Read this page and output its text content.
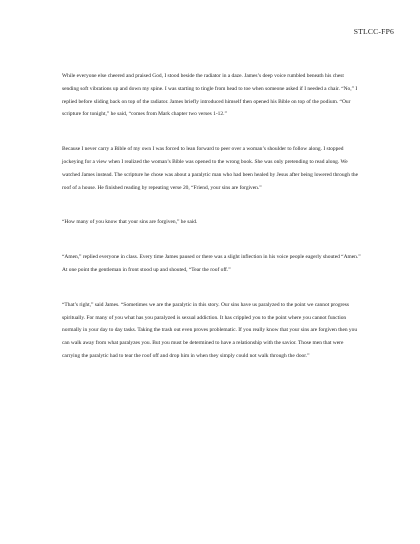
STLCC-FP6

While everyone else cheered and praised God, I stood beside the radiator in a daze. James’s deep voice rumbled beneath his chest sending soft vibrations up and down my spine. I was starting to tingle from head to toe when someone asked if I needed a chair. “No,” I replied before sliding back on top of the radiator. James briefly introduced himself then opened his Bible on top of the podium. “Our scripture for tonight,” he said, “comes from Mark chapter two verses 1-12.”

Because I never carry a Bible of my own I was forced to lean forward to peer over a woman’s shoulder to follow along. I stopped jockeying for a view when I realized the woman’s Bible was opened to the wrong book. She was only pretending to read along. We watched James instead. The scripture he chose was about a paralytic man who had been healed by Jesus after being lowered through the roof of a house. He finished reading by repeating verse 20, “Friend, your sins are forgiven.”

“How many of you know that your sins are forgiven,” he said.

“Amen,” replied everyone in class. Every time James paused or there was a slight inflection in his voice people eagerly shouted “Amen.” At one point the gentleman in front stood up and shouted, “Tear the roof off.”

“That’s right,” said James. “Sometimes we are the paralytic in this story. Our sins have us paralyzed to the point we cannot progress spiritually. For many of you what has you paralyzed is sexual addiction. It has crippled you to the point where you cannot function normally in your day to day tasks. Taking the trash out even proves problematic. If you really know that your sins are forgiven then you can walk away from what paralyzes you. But you must be determined to have a relationship with the savior. Those men that were carrying the paralytic had to tear the roof off and drop him in when they simply could not walk through the door.”
